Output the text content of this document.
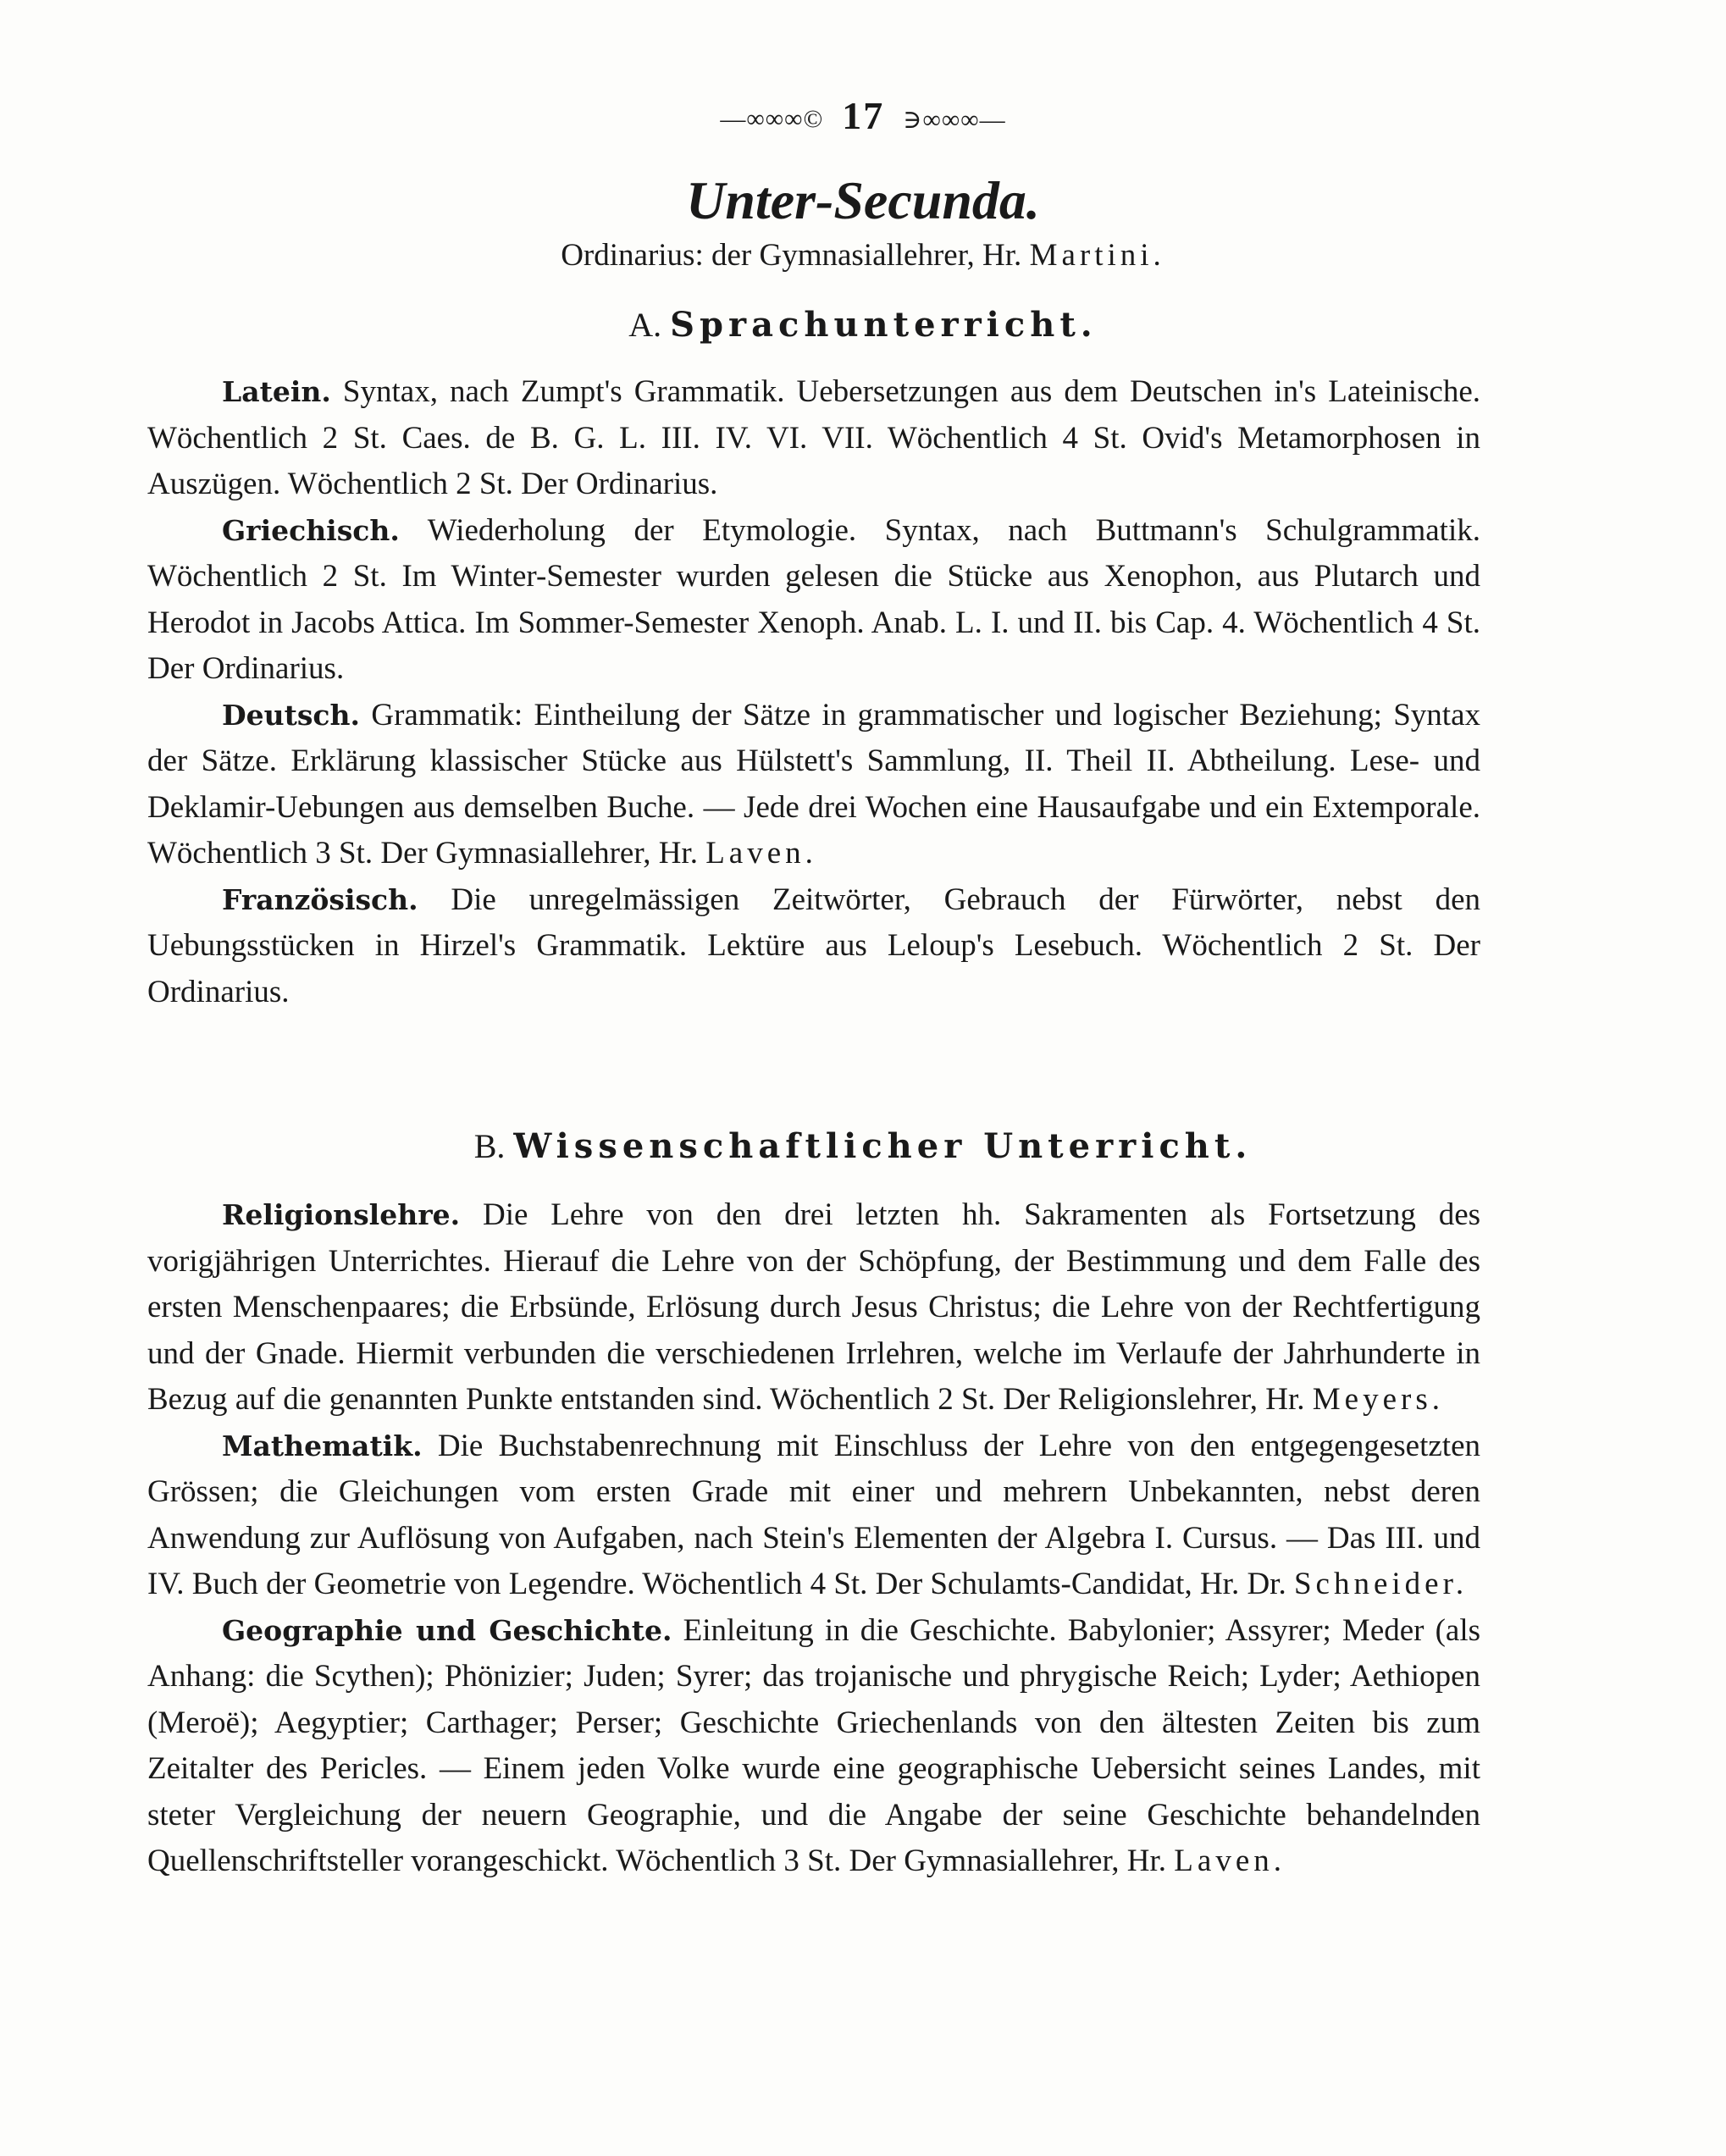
—∞∞∞© 17 ∋∞∞∞—
Unter-Secunda.
Ordinarius: der Gymnasiallehrer, Hr. Martini.
A. Sprachunterricht.

Latein. Syntax, nach Zumpt's Grammatik. Uebersetzungen aus dem Deutschen in's Lateinische. Wöchentlich 2 St. Caes. de B. G. L. III. IV. VI. VII. Wöchentlich 4 St. Ovid's Metamorphosen in Auszügen. Wöchentlich 2 St. Der Ordinarius.

Griechisch. Wiederholung der Etymologie. Syntax, nach Buttmann's Schulgrammatik. Wöchentlich 2 St. Im Winter-Semester wurden gelesen die Stücke aus Xenophon, aus Plutarch und Herodot in Jacobs Attica. Im Sommer-Semester Xenoph. Anab. L. I. und II. bis Cap. 4. Wöchentlich 4 St. Der Ordinarius.

Deutsch. Grammatik: Eintheilung der Sätze in grammatischer und logischer Beziehung; Syntax der Sätze. Erklärung klassischer Stücke aus Hülstett's Sammlung, II. Theil II. Abtheilung. Lese- und Deklamir-Uebungen aus demselben Buche. — Jede drei Wochen eine Hausaufgabe und ein Extemporale. Wöchentlich 3 St. Der Gymnasiallehrer, Hr. Laven.

Französisch. Die unregelmässigen Zeitwörter, Gebrauch der Fürwörter, nebst den Uebungsstücken in Hirzel's Grammatik. Lektüre aus Leloup's Lesebuch. Wöchentlich 2 St. Der Ordinarius.

B. Wissenschaftlicher Unterricht.

Religionslehre. Die Lehre von den drei letzten hh. Sakramenten als Fortsetzung des vorigjährigen Unterrichtes. Hierauf die Lehre von der Schöpfung, der Bestimmung und dem Falle des ersten Menschenpaares; die Erbsünde, Erlösung durch Jesus Christus; die Lehre von der Rechtfertigung und der Gnade. Hiermit verbunden die verschiedenen Irrlehren, welche im Verlaufe der Jahrhunderte in Bezug auf die genannten Punkte entstanden sind. Wöchentlich 2 St. Der Religionslehrer, Hr. Meyers.

Mathematik. Die Buchstabenrechnung mit Einschluss der Lehre von den entgegengesetzten Grössen; die Gleichungen vom ersten Grade mit einer und mehrern Unbekannten, nebst deren Anwendung zur Auflösung von Aufgaben, nach Stein's Elementen der Algebra I. Cursus. — Das III. und IV. Buch der Geometrie von Legendre. Wöchentlich 4 St. Der Schulamts-Candidat, Hr. Dr. Schneider.

Geographie und Geschichte. Einleitung in die Geschichte. Babylonier; Assyrer; Meder (als Anhang: die Scythen); Phönizier; Juden; Syrer; das trojanische und phrygische Reich; Lyder; Aethiopen (Meroë); Aegyptier; Carthager; Perser; Geschichte Griechenlands von den ältesten Zeiten bis zum Zeitalter des Pericles. — Einem jeden Volke wurde eine geographische Uebersicht seines Landes, mit steter Vergleichung der neuern Geographie, und die Angabe der seine Geschichte behandelnden Quellenschriftsteller vorangeschickt. Wöchentlich 3 St. Der Gymnasiallehrer, Hr. Laven.
